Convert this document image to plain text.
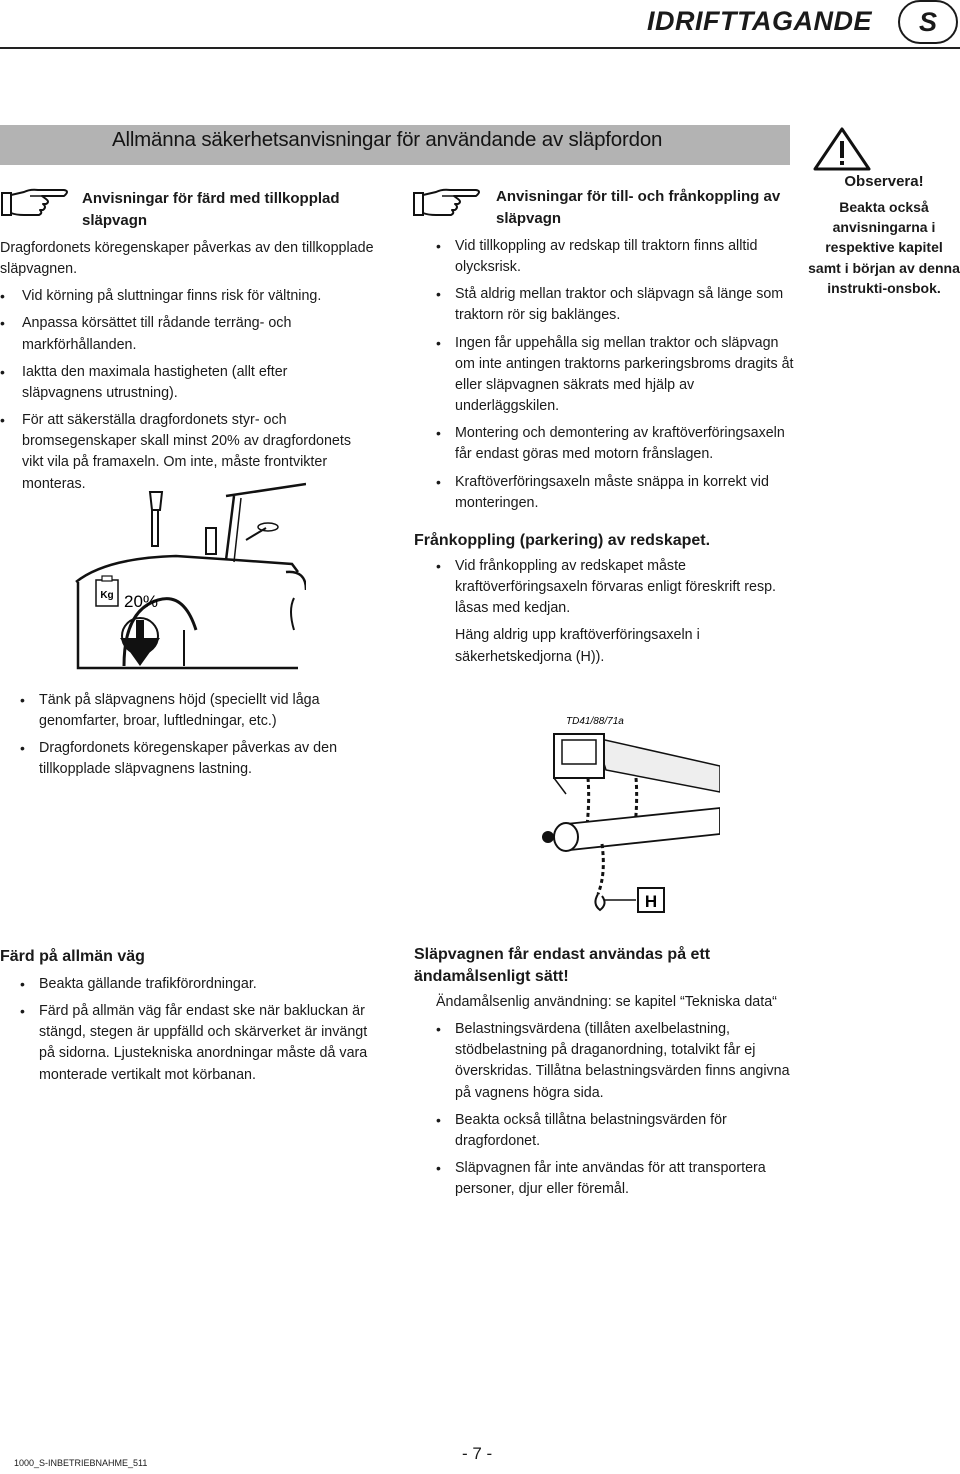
IDRIFTTAGANDE	S
Allmänna säkerhetsanvisningar för användande av släpfordon
Observera!
Beakta också anvisningarna i respektive kapitel samt i början av denna instrukti-onsbok.
Anvisningar för färd med tillkopplad släpvagn

Dragfordonets köregenskaper påverkas av den tillkopplade släpvagnen.

• Vid körning på sluttningar finns risk för vältning.
• Anpassa körsättet till rådande terräng- och markförhållanden.
• Iaktta den maximala hastigheten (allt efter släpvagnens utrustning).
• För att säkerställa dragfordonets styr- och bromsegenskaper skall minst 20% av dragfordonets vikt vila på framaxeln. Om inte, måste frontvikter monteras.
Anvisningar för till- och frånkoppling av släpvagn
• Vid tillkoppling av redskap till traktorn finns alltid olycksrisk.
• Stå aldrig mellan traktor och släpvagn så länge som traktorn rör sig baklänges.
• Ingen får uppehålla sig mellan traktor och släpvagn om inte antingen traktorns parkeringsbroms dragits åt eller släpvagnen säkrats med hjälp av underläggskilen.
• Montering och demontering av kraftöverföringsaxeln får endast göras med motorn frånslagen.
• Kraftöverföringsaxeln måste snäppa in korrekt vid monteringen.
Kg 20%
• Tänk på släpvagnens höjd (speciellt vid låga genomfarter, broar, luftledningar, etc.)
• Dragfordonets köregenskaper påverkas av den tillkopplade släpvagnens lastning.
Frånkoppling (parkering) av redskapet.
• Vid frånkoppling av redskapet måste kraftöverföringsaxeln förvaras enligt föreskrift resp. låsas med kedjan.

Häng aldrig upp kraftöverföringsaxeln i säkerhetskedjorna (H)).

TD41/88/71a
H
Färd på allmän väg
• Beakta gällande trafikförordningar.
• Färd på allmän väg får endast ske när bakluckan är stängd, stegen är uppfälld och skärverket är invängt på sidorna. Ljustekniska anordningar måste då vara monterade vertikalt mot körbanan.
Släpvagnen får endast användas på ett ändamålsenligt sätt!

Ändamålsenlig användning: se kapitel “Tekniska data“

• Belastningsvärdena (tillåten axelbelastning, stödbelastning på draganordning, totalvikt får ej överskridas. Tillåtna belastningsvärden finns angivna på vagnens högra sida.
• Beakta också tillåtna belastningsvärden för dragfordonet.
• Släpvagnen får inte användas för att transportera personer, djur eller föremål.
1000_S-INBETRIEBNAHME_511	- 7 -
